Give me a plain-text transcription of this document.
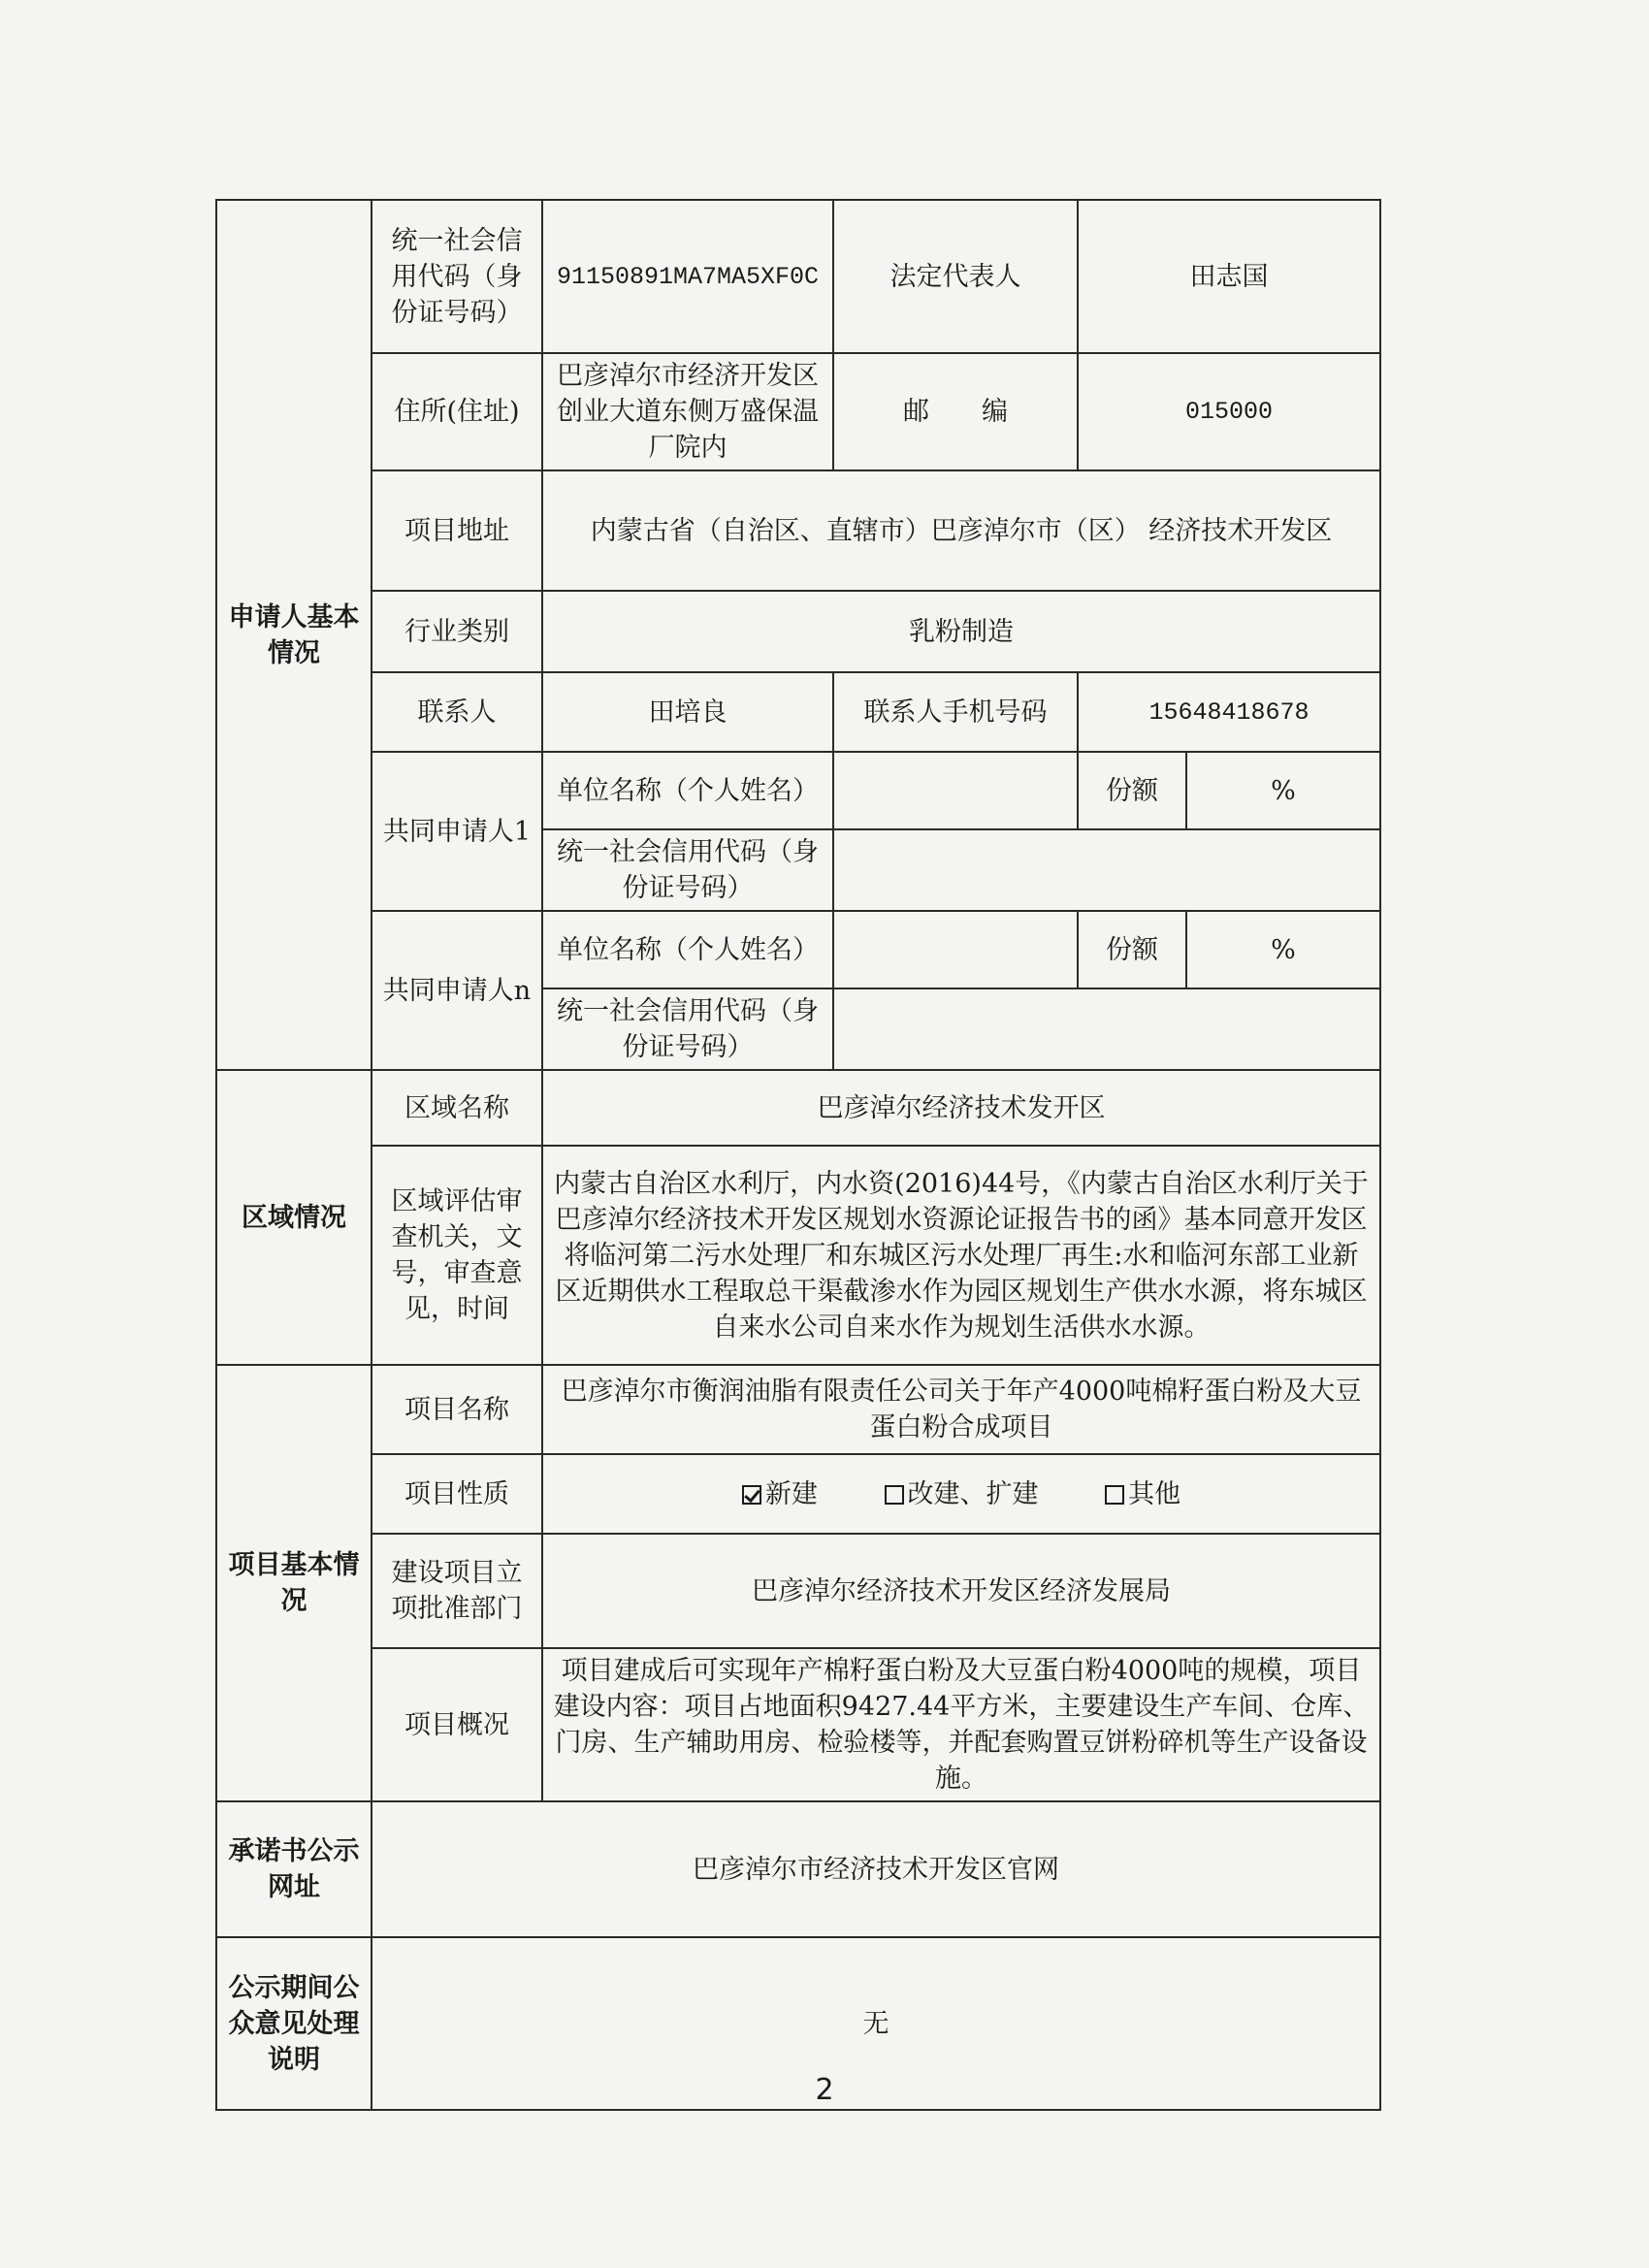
申请人基本情况	统一社会信用代码（身份证号码）	91150891MA7MA5XF0C	法定代表人	田志国	
	住所(住址)	巴彦淖尔市经济开发区创业大道东侧万盛保温厂院内	邮　　编	015000	
	项目地址	内蒙古省（自治区、直辖市）巴彦淖尔市（区） 经济技术开发区			
	行业类别	乳粉制造			
	联系人	田培良	联系人手机号码	15648418678	
	共同申请人1	单位名称（个人姓名）		份额	%
		统一社会信用代码（身份证号码）			
	共同申请人n	单位名称（个人姓名）		份额	%
		统一社会信用代码（身份证号码）			
区域情况	区域名称	巴彦淖尔经济技术发开区			
	区域评估审查机关，文号，审查意见，时间	内蒙古自治区水利厅，内水资(2016)44号，《内蒙古自治区水利厅关于巴彦淖尔经济技术开发区规划水资源论证报告书的函》基本同意开发区将临河第二污水处理厂和东城区污水处理厂再生:水和临河东部工业新区近期供水工程取总干渠截渗水作为园区规划生产供水水源，将东城区自来水公司自来水作为规划生活供水水源。			
项目基本情况	项目名称	巴彦淖尔市衡润油脂有限责任公司关于年产4000吨棉籽蛋白粉及大豆蛋白粉合成项目			
	项目性质	新建 改建、扩建 其他			
	建设项目立项批准部门	巴彦淖尔经济技术开发区经济发展局			
	项目概况	项目建成后可实现年产棉籽蛋白粉及大豆蛋白粉4000吨的规模，项目建设内容：项目占地面积9427.44平方米，主要建设生产车间、仓库、门房、生产辅助用房、检验楼等，并配套购置豆饼粉碎机等生产设备设施。			
承诺书公示网址	巴彦淖尔市经济技术开发区官网				
公示期间公众意见处理说明	无				
2
